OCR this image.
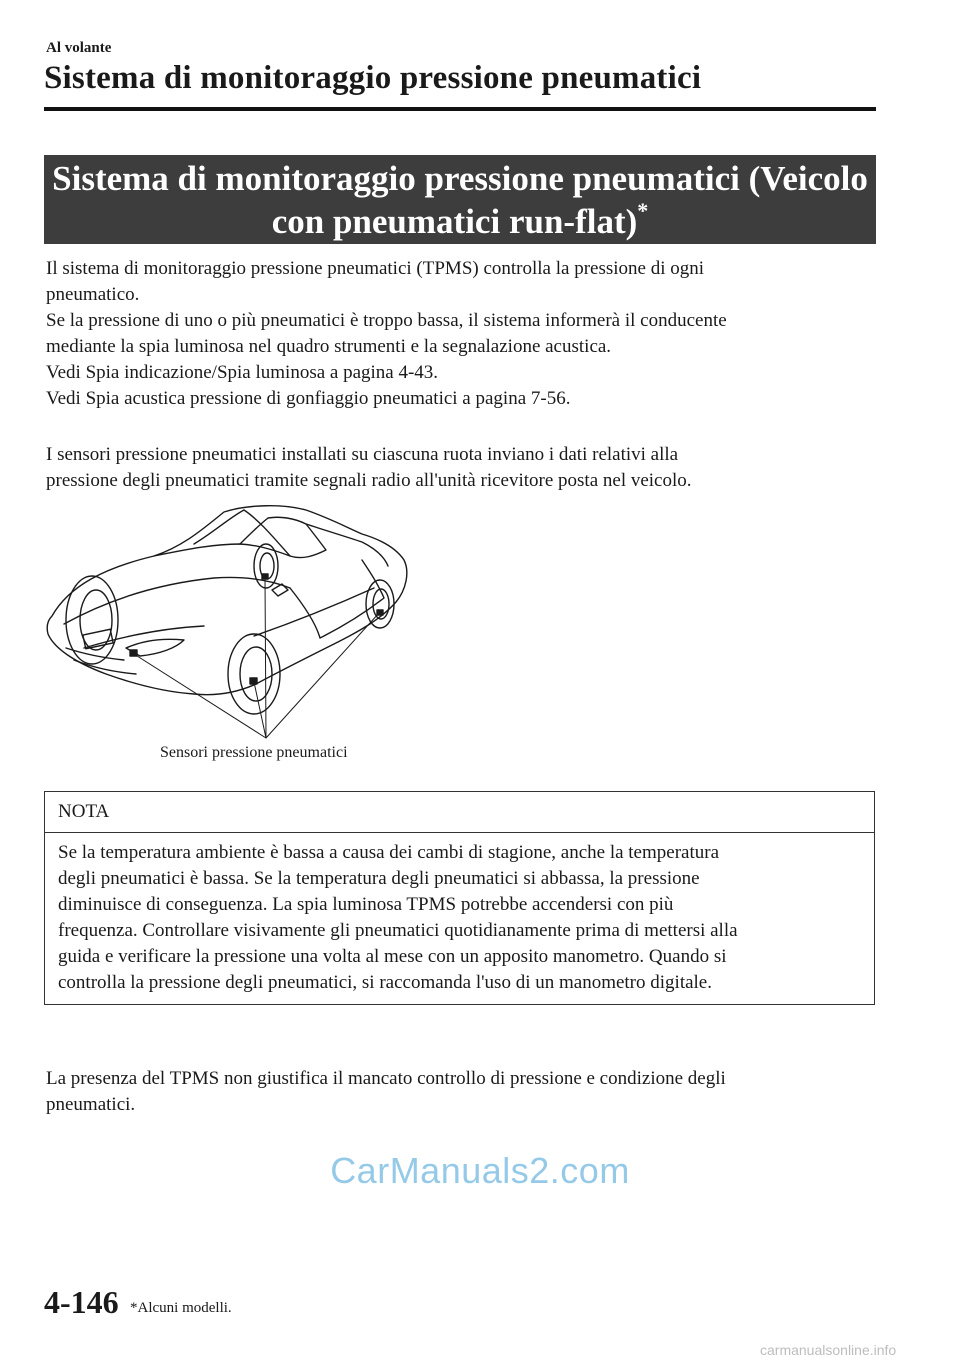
Al volante
Sistema di monitoraggio pressione pneumatici
Sistema di monitoraggio pressione pneumatici (Veicolo
con pneumatici run-flat)*
Il sistema di monitoraggio pressione pneumatici (TPMS) controlla la pressione di ogni
pneumatico.
Se la pressione di uno o più pneumatici è troppo bassa, il sistema informerà il conducente
mediante la spia luminosa nel quadro strumenti e la segnalazione acustica.
Vedi Spia indicazione/Spia luminosa a pagina 4-43.
Vedi Spia acustica pressione di gonfiaggio pneumatici a pagina 7-56.
I sensori pressione pneumatici installati su ciascuna ruota inviano i dati relativi alla
pressione degli pneumatici tramite segnali radio all'unità ricevitore posta nel veicolo.
Sensori pressione pneumatici
NOTA
Se la temperatura ambiente è bassa a causa dei cambi di stagione, anche la temperatura
degli pneumatici è bassa. Se la temperatura degli pneumatici si abbassa, la pressione
diminuisce di conseguenza. La spia luminosa TPMS potrebbe accendersi con più
frequenza. Controllare visivamente gli pneumatici quotidianamente prima di mettersi alla
guida e verificare la pressione una volta al mese con un apposito manometro. Quando si
controlla la pressione degli pneumatici, si raccomanda l'uso di un manometro digitale.
La presenza del TPMS non giustifica il mancato controllo di pressione e condizione degli
pneumatici.
CarManuals2.com
4-146 *Alcuni modelli.
carmanualsonline.info
